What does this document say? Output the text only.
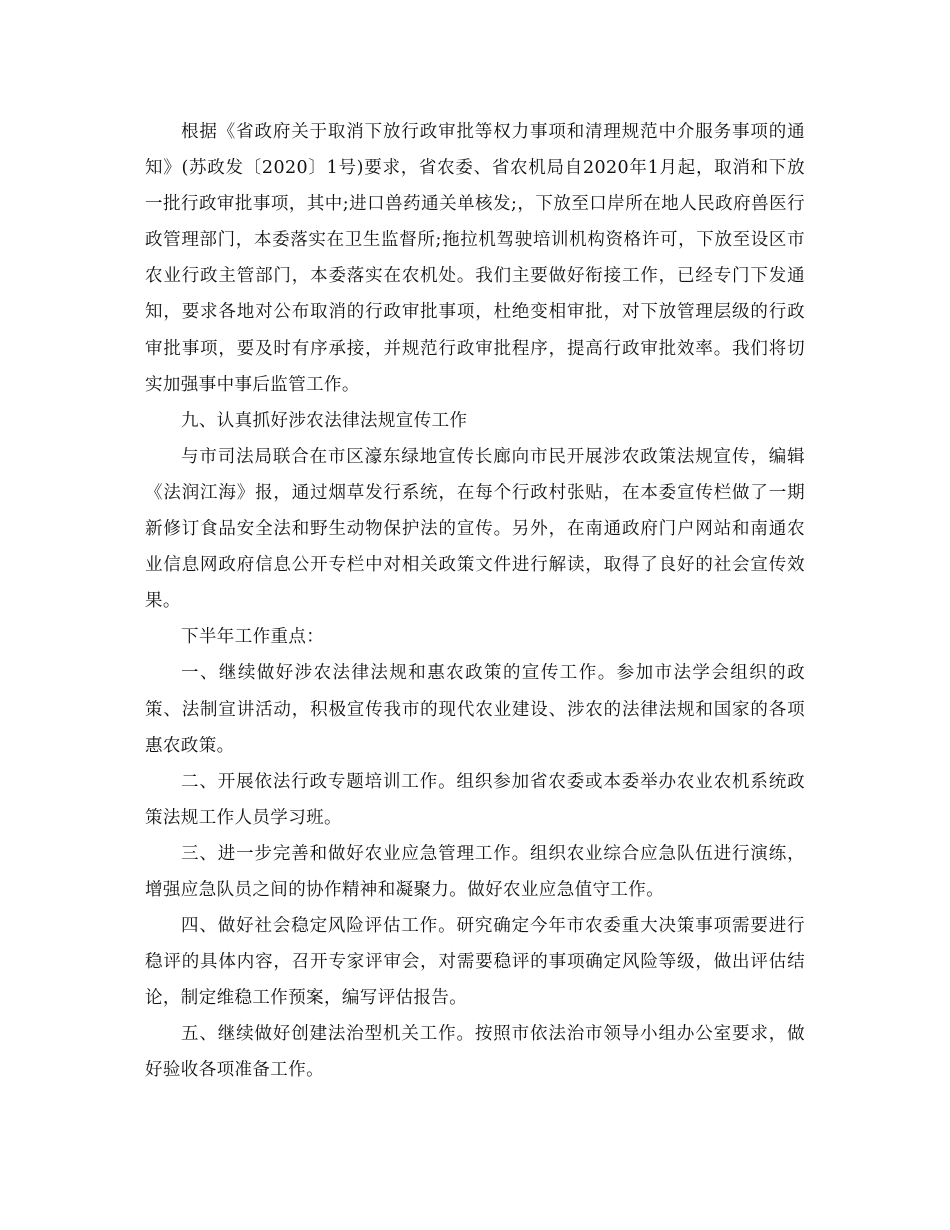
根据《省政府关于取消下放行政审批等权力事项和清理规范中介服务事项的通知》(苏政发〔2020〕1号)要求，省农委、省农机局自2020年1月起，取消和下放一批行政审批事项，其中;进口兽药通关单核发;，下放至口岸所在地人民政府兽医行政管理部门，本委落实在卫生监督所;拖拉机驾驶培训机构资格许可，下放至设区市农业行政主管部门，本委落实在农机处。我们主要做好衔接工作，已经专门下发通知，要求各地对公布取消的行政审批事项，杜绝变相审批，对下放管理层级的行政审批事项，要及时有序承接，并规范行政审批程序，提高行政审批效率。我们将切实加强事中事后监管工作。

九、认真抓好涉农法律法规宣传工作

与市司法局联合在市区濠东绿地宣传长廊向市民开展涉农政策法规宣传，编辑《法润江海》报，通过烟草发行系统，在每个行政村张贴，在本委宣传栏做了一期新修订食品安全法和野生动物保护法的宣传。另外，在南通政府门户网站和南通农业信息网政府信息公开专栏中对相关政策文件进行解读，取得了良好的社会宣传效果。

下半年工作重点：

一、继续做好涉农法律法规和惠农政策的宣传工作。参加市法学会组织的政策、法制宣讲活动，积极宣传我市的现代农业建设、涉农的法律法规和国家的各项惠农政策。

二、开展依法行政专题培训工作。组织参加省农委或本委举办农业农机系统政策法规工作人员学习班。

三、进一步完善和做好农业应急管理工作。组织农业综合应急队伍进行演练，增强应急队员之间的协作精神和凝聚力。做好农业应急值守工作。

四、做好社会稳定风险评估工作。研究确定今年市农委重大决策事项需要进行稳评的具体内容，召开专家评审会，对需要稳评的事项确定风险等级，做出评估结论，制定维稳工作预案，编写评估报告。

五、继续做好创建法治型机关工作。按照市依法治市领导小组办公室要求，做好验收各项准备工作。
